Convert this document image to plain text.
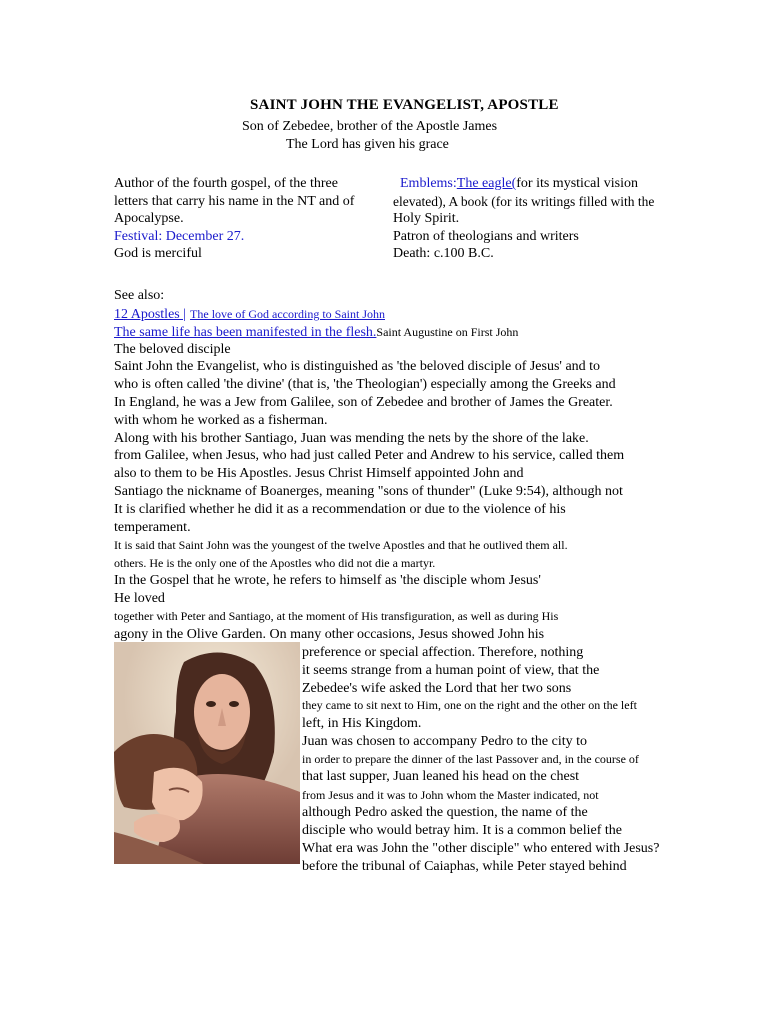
SAINT JOHN THE EVANGELIST, APOSTLE
Son of Zebedee, brother of the Apostle James
The Lord has given his grace
Author of the fourth gospel, of the three
letters that carry his name in the NT and of
Apocalypse.
Festival: December 27.
God is merciful
Emblems:The eagle(for its mystical vision
elevated), A book (for its writings filled with the
Holy Spirit.
Patron of theologians and writers
Death: c.100 B.C.
See also:
12 Apostles | The love of God according to Saint John
The same life has been manifested in the flesh.Saint Augustine on First John
The beloved disciple
Saint John the Evangelist, who is distinguished as 'the beloved disciple of Jesus' and to
who is often called 'the divine' (that is, 'the Theologian') especially among the Greeks and
In England, he was a Jew from Galilee, son of Zebedee and brother of James the Greater.
with whom he worked as a fisherman.
Along with his brother Santiago, Juan was mending the nets by the shore of the lake.
from Galilee, when Jesus, who had just called Peter and Andrew to his service, called them
also to them to be His Apostles. Jesus Christ Himself appointed John and
Santiago the nickname of Boanerges, meaning "sons of thunder" (Luke 9:54), although not
It is clarified whether he did it as a recommendation or due to the violence of his
temperament.
It is said that Saint John was the youngest of the twelve Apostles and that he outlived them all.
others. He is the only one of the Apostles who did not die a martyr.
In the Gospel that he wrote, he refers to himself as 'the disciple whom Jesus'
He loved
together with Peter and Santiago, at the moment of His transfiguration, as well as during His
agony in the Olive Garden. On many other occasions, Jesus showed John his
preference or special affection. Therefore, nothing
it seems strange from a human point of view, that the
Zebedee's wife asked the Lord that her two sons
they came to sit next to Him, one on the right and the other on the left
left, in His Kingdom.
Juan was chosen to accompany Pedro to the city to
in order to prepare the dinner of the last Passover and, in the course of
that last supper, Juan leaned his head on the chest
from Jesus and it was to John whom the Master indicated, not
although Pedro asked the question, the name of the
disciple who would betray him. It is a common belief the
What era was John the "other disciple" who entered with Jesus?
before the tribunal of Caiaphas, while Peter stayed behind
